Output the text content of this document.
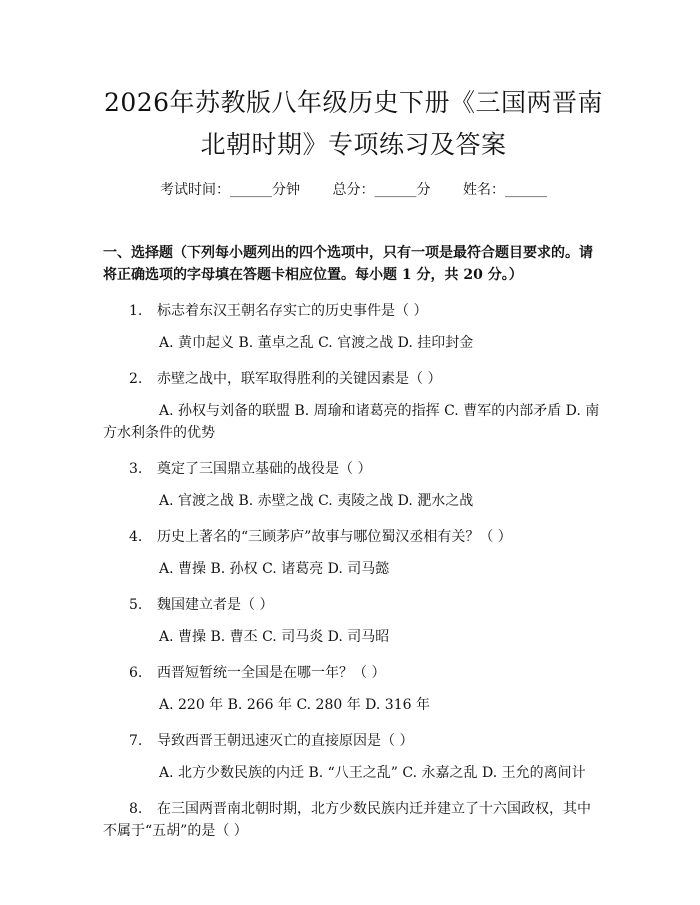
2026年苏教版八年级历史下册《三国两晋南
北朝时期》专项练习及答案
考试时间：______分钟 总分：______分 姓名：______
一、选择题（下列每小题列出的四个选项中，只有一项是最符合题目要求的。请将正确选项的字母填在答题卡相应位置。每小题 1 分，共 20 分。）
1. 标志着东汉王朝名存实亡的历史事件是（ ）
A. 黄巾起义 B. 董卓之乱 C. 官渡之战 D. 挂印封金
2. 赤壁之战中，联军取得胜利的关键因素是（ ）
A. 孙权与刘备的联盟 B. 周瑜和诸葛亮的指挥 C. 曹军的内部矛盾 D. 南方水利条件的优势
3. 奠定了三国鼎立基础的战役是（ ）
A. 官渡之战 B. 赤壁之战 C. 夷陵之战 D. 淝水之战
4. 历史上著名的“三顾茅庐”故事与哪位蜀汉丞相有关？（ ）
A. 曹操 B. 孙权 C. 诸葛亮 D. 司马懿
5. 魏国建立者是（ ）
A. 曹操 B. 曹丕 C. 司马炎 D. 司马昭
6. 西晋短暂统一全国是在哪一年？（ ）
A. 220 年 B. 266 年 C. 280 年 D. 316 年
7. 导致西晋王朝迅速灭亡的直接原因是（ ）
A. 北方少数民族的内迁 B. “八王之乱” C. 永嘉之乱 D. 王允的离间计
8. 在三国两晋南北朝时期，北方少数民族内迁并建立了十六国政权，其中不属于“五胡”的是（ ）
